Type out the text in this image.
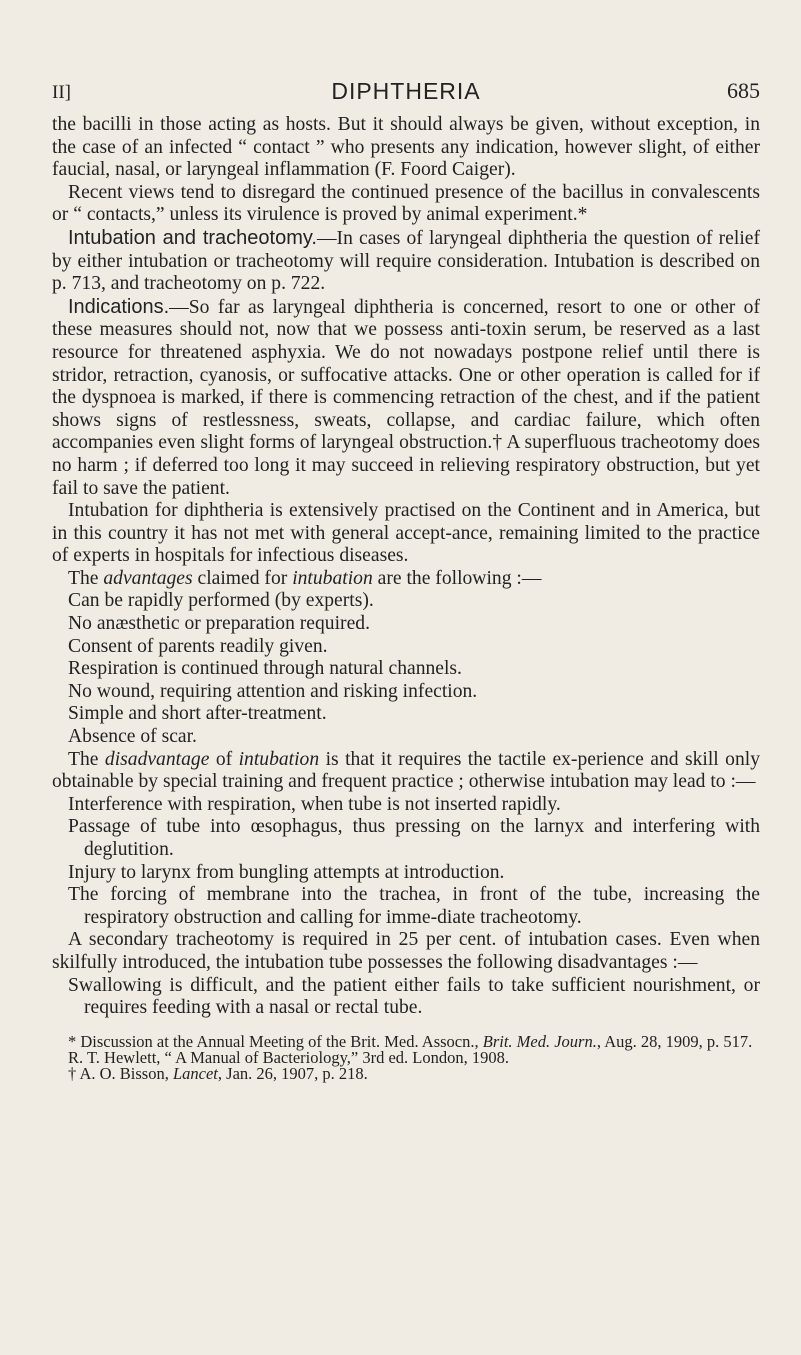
II]	DIPHTHERIA	685

the bacilli in those acting as hosts. But it should always be given, without exception, in the case of an infected “ contact ” who presents any indication, however slight, of either faucial, nasal, or laryngeal inflammation (F. Foord Caiger).

Recent views tend to disregard the continued presence of the bacillus in convalescents or “ contacts,” unless its virulence is proved by animal experiment.*

Intubation and tracheotomy.—In cases of laryngeal diphtheria the question of relief by either intubation or tracheotomy will require consideration. Intubation is described on p. 713, and tracheotomy on p. 722.

Indications.—So far as laryngeal diphtheria is concerned, resort to one or other of these measures should not, now that we possess anti-toxin serum, be reserved as a last resource for threatened asphyxia. We do not nowadays postpone relief until there is stridor, retraction, cyanosis, or suffocative attacks. One or other operation is called for if the dyspnoea is marked, if there is commencing retraction of the chest, and if the patient shows signs of restlessness, sweats, collapse, and cardiac failure, which often accompanies even slight forms of laryngeal obstruction.† A superfluous tracheotomy does no harm ; if deferred too long it may succeed in relieving respiratory obstruction, but yet fail to save the patient.

Intubation for diphtheria is extensively practised on the Continent and in America, but in this country it has not met with general accept-ance, remaining limited to the practice of experts in hospitals for infectious diseases.

The advantages claimed for intubation are the following :—

Can be rapidly performed (by experts).

No anæsthetic or preparation required.

Consent of parents readily given.

Respiration is continued through natural channels.

No wound, requiring attention and risking infection.

Simple and short after-treatment.

Absence of scar.

The disadvantage of intubation is that it requires the tactile ex-perience and skill only obtainable by special training and frequent practice ; otherwise intubation may lead to :—

Interference with respiration, when tube is not inserted rapidly.

Passage of tube into œsophagus, thus pressing on the larnyx and interfering with deglutition.

Injury to larynx from bungling attempts at introduction.

The forcing of membrane into the trachea, in front of the tube, increasing the respiratory obstruction and calling for imme-diate tracheotomy.

A secondary tracheotomy is required in 25 per cent. of intubation cases. Even when skilfully introduced, the intubation tube possesses the following disadvantages :—

Swallowing is difficult, and the patient either fails to take sufficient nourishment, or requires feeding with a nasal or rectal tube.

* Discussion at the Annual Meeting of the Brit. Med. Assocn., Brit. Med. Journ., Aug. 28, 1909, p. 517.

R. T. Hewlett, “ A Manual of Bacteriology,” 3rd ed. London, 1908.

† A. O. Bisson, Lancet, Jan. 26, 1907, p. 218.
